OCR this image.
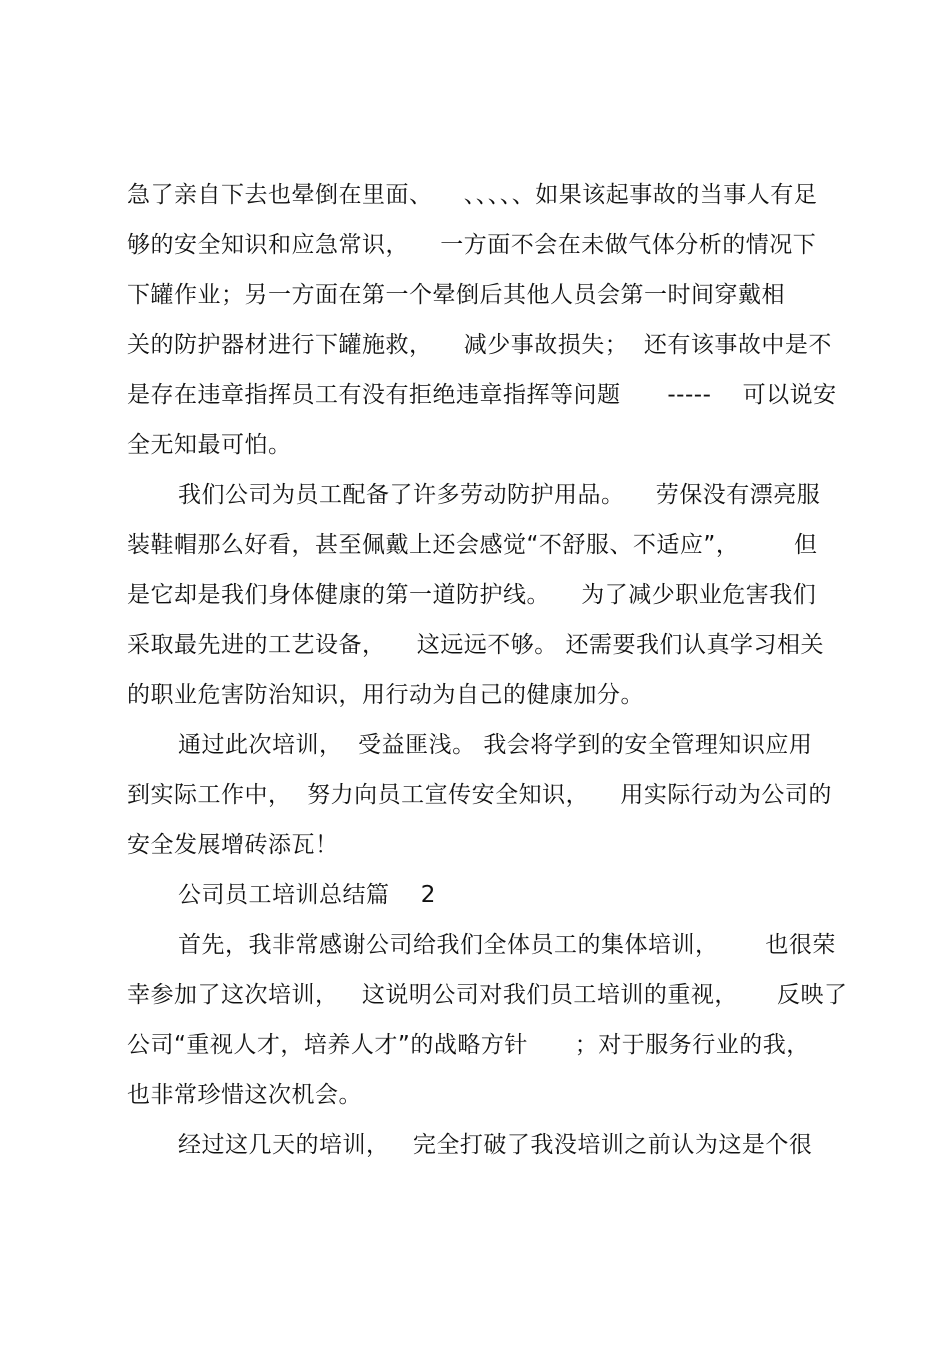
急了亲自下去也晕倒在里面、    、、、、、如果该起事故的当事人有足
够的安全知识和应急常识，    一方面不会在未做气体分析的情况下
下罐作业；另一方面在第一个晕倒后其他人员会第一时间穿戴相
关的防护器材进行下罐施救，    减少事故损失；  还有该事故中是不
是存在违章指挥员工有没有拒绝违章指挥等问题      -----    可以说安
全无知最可怕。
我们公司为员工配备了许多劳动防护用品。    劳保没有漂亮服
装鞋帽那么好看，甚至佩戴上还会感觉“不舒服、不适应”，       但
是它却是我们身体健康的第一道防护线。    为了减少职业危害我们
采取最先进的工艺设备，    这远远不够。 还需要我们认真学习相关
的职业危害防治知识，用行动为自己的健康加分。
通过此次培训，  受益匪浅。 我会将学到的安全管理知识应用
到实际工作中，  努力向员工宣传安全知识，    用实际行动为公司的
安全发展增砖添瓦！
公司员工培训总结篇    2
首先，我非常感谢公司给我们全体员工的集体培训，      也很荣
幸参加了这次培训，   这说明公司对我们员工培训的重视，     反映了
公司“重视人才，培养人才”的战略方针      ；对于服务行业的我，
也非常珍惜这次机会。
经过这几天的培训，   完全打破了我没培训之前认为这是个很
